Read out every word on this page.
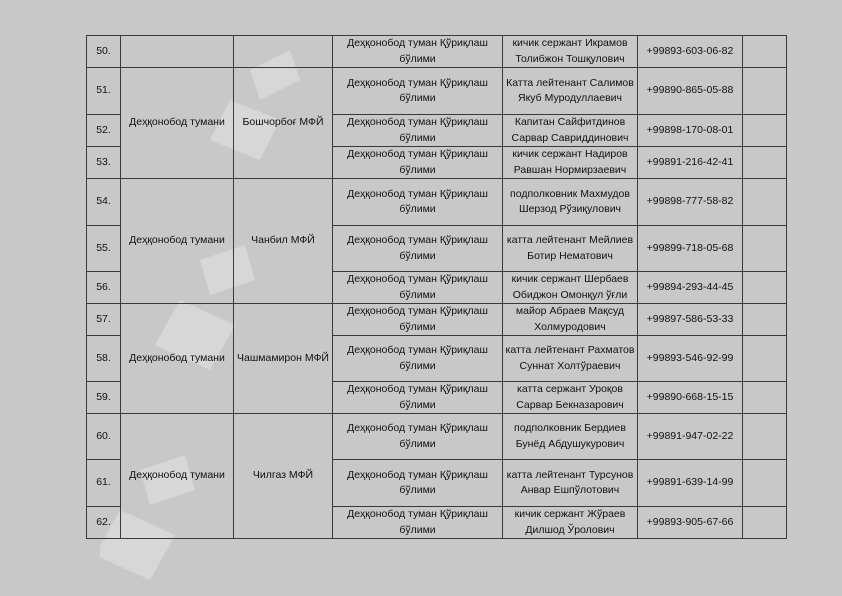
50.			Деҳқонобод туман Қўриқлаш бўлими	кичик сержант Икрамов Толибжон Тошқулович	+99893-603-06-82	
51.	Деҳқонобод тумани	Бошчорбоғ МФЙ	Деҳқонобод туман Қўриқлаш бўлими	Катта лейтенант Салимов Якуб Муродуллаевич	+99890-865-05-88	
52.			Деҳқонобод туман Қўриқлаш бўлими	Капитан Сайфитдинов Сарвар Савриддинович	+99898-170-08-01	
53.			Деҳқонобод туман Қўриқлаш бўлими	кичик сержант Надиров Равшан Нормирзаевич	+99891-216-42-41	
54.	Деҳқонобод тумани	Чанбил МФЙ	Деҳқонобод туман Қўриқлаш бўлими	подполковник Махмудов Шерзод Рўзиқулович	+99898-777-58-82	
55.			Деҳқонобод туман Қўриқлаш бўлими	катта лейтенант Мейлиев Ботир Нематович	+99899-718-05-68	
56.			Деҳқонобод туман Қўриқлаш бўлими	кичик сержант Шербаев Обиджон Омонқул ўғли	+99894-293-44-45	
57.	Деҳқонобод тумани	Чашмамирон МФЙ	Деҳқонобод туман Қўриқлаш бўлими	майор Абраев Мақсуд Холмуродович	+99897-586-53-33	
58.			Деҳқонобод туман Қўриқлаш бўлими	катта лейтенант Рахматов Суннат Холтўраевич	+99893-546-92-99	
59.			Деҳқонобод туман Қўриқлаш бўлими	катта сержант Уроқов Сарвар Бекназарович	+99890-668-15-15	
60.	Деҳқонобод тумани	Чилгаз МФЙ	Деҳқонобод туман Қўриқлаш бўлими	подполковник Бердиев Бунёд Абдушукурович	+99891-947-02-22	
61.			Деҳқонобод туман Қўриқлаш бўлими	катта лейтенант Турсунов Анвар Ешпўлотович	+99891-639-14-99	
62.			Деҳқонобод туман Қўриқлаш бўлими	кичик сержант Жўраев Дилшод Ўролович	+99893-905-67-66	
